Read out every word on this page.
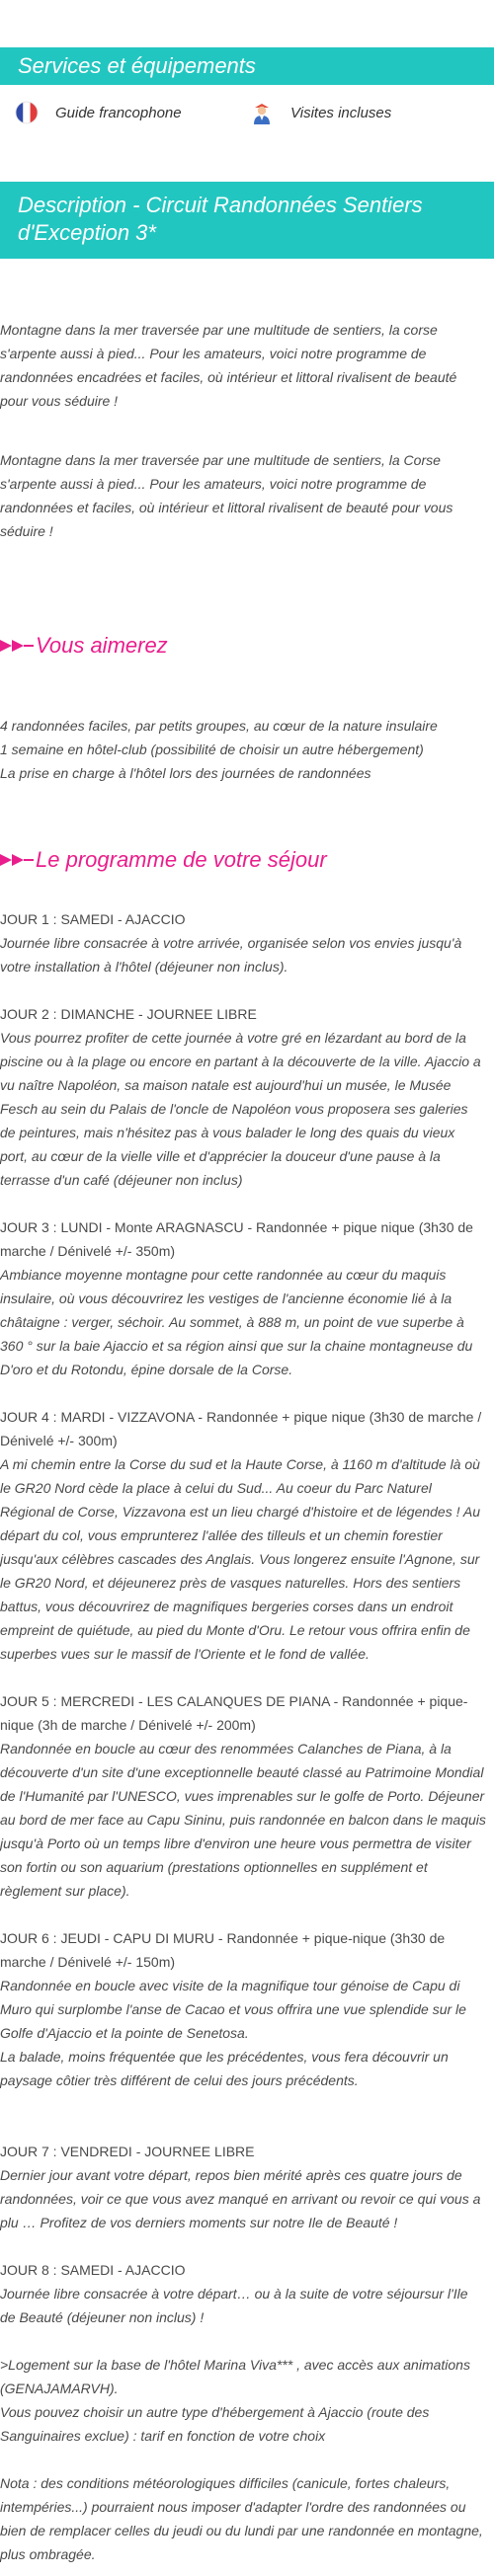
Services et équipements
Guide francophone	Visites incluses
Description - Circuit Randonnées Sentiers d'Exception 3*
Montagne dans la mer traversée par une multitude de sentiers, la corse s'arpente aussi à pied... Pour les amateurs, voici notre programme de randonnées encadrées et faciles, où intérieur et littoral rivalisent de beauté pour vous séduire !
Montagne dans la mer traversée par une multitude de sentiers, la Corse s'arpente aussi à pied... Pour les amateurs, voici notre programme de randonnées et faciles, où intérieur et littoral rivalisent de beauté pour vous séduire !
Vous aimerez
4 randonnées faciles, par petits groupes, au cœur de la nature insulaire
1 semaine en hôtel-club (possibilité de choisir un autre hébergement)
La prise en charge à l'hôtel lors des journées de randonnées
Le programme de votre séjour
JOUR 1 : SAMEDI - AJACCIO
Journée libre consacrée à votre arrivée, organisée selon vos envies jusqu'à votre installation à l'hôtel (déjeuner non inclus).
JOUR 2 : DIMANCHE - JOURNEE LIBRE
Vous pourrez profiter de cette journée à votre gré en lézardant au bord de la piscine ou à la plage ou encore en partant à la découverte de la ville. Ajaccio a vu naître Napoléon, sa maison natale est aujourd'hui un musée, le Musée Fesch au sein du Palais de l'oncle de Napoléon vous proposera ses galeries de peintures, mais n'hésitez pas à vous balader le long des quais du vieux port, au cœur de la vielle ville et d'apprécier la douceur d'une pause à la terrasse d'un café (déjeuner non inclus)
JOUR 3 : LUNDI - Monte ARAGNASCU - Randonnée + pique nique (3h30 de marche / Dénivelé +/- 350m)
Ambiance moyenne montagne pour cette randonnée au cœur du maquis insulaire, où vous découvrirez les vestiges de l'ancienne économie lié à la châtaigne : verger, séchoir. Au sommet, à 888 m, un point de vue superbe à 360 ° sur la baie Ajaccio et sa région ainsi que sur la chaine montagneuse du D'oro et du Rotondu, épine dorsale de la Corse.
JOUR 4 : MARDI - VIZZAVONA - Randonnée + pique nique (3h30 de marche / Dénivelé +/- 300m)
A mi chemin entre la Corse du sud et la Haute Corse, à 1160 m d'altitude là où le GR20 Nord cède la place à celui du Sud... Au coeur du Parc Naturel Régional de Corse, Vizzavona est un lieu chargé d'histoire et de légendes ! Au départ du col, vous emprunterez l'allée des tilleuls et un chemin forestier jusqu'aux célèbres cascades des Anglais. Vous longerez ensuite l'Agnone, sur le GR20 Nord, et déjeunerez près de vasques naturelles. Hors des sentiers battus, vous découvrirez de magnifiques bergeries corses dans un endroit empreint de quiétude, au pied du Monte d'Oru. Le retour vous offrira enfin de superbes vues sur le massif de l'Oriente et le fond de vallée.
JOUR 5 : MERCREDI - LES CALANQUES DE PIANA - Randonnée + pique-nique (3h de marche / Dénivelé +/- 200m)
Randonnée en boucle au cœur des renommées Calanches de Piana, à la découverte d'un site d'une exceptionnelle beauté classé au Patrimoine Mondial de l'Humanité par l'UNESCO, vues imprenables sur le golfe de Porto. Déjeuner au bord de mer face au Capu Sininu, puis randonnée en balcon dans le maquis jusqu'à Porto où un temps libre d'environ une heure vous permettra de visiter son fortin ou son aquarium (prestations optionnelles en supplément et règlement sur place).
JOUR 6 : JEUDI - CAPU DI MURU - Randonnée + pique-nique (3h30 de marche / Dénivelé +/- 150m)
Randonnée en boucle avec visite de la magnifique tour génoise de Capu di Muro qui surplombe l'anse de Cacao et vous offrira une vue splendide sur le Golfe d'Ajaccio et la pointe de Senetosa.
La balade, moins fréquentée que les précédentes, vous fera découvrir un paysage côtier très différent de celui des jours précédents.
JOUR 7 : VENDREDI - JOURNEE LIBRE
Dernier jour avant votre départ, repos bien mérité après ces quatre jours de randonnées, voir ce que vous avez manqué en arrivant ou revoir ce qui vous a plu … Profitez de vos derniers moments sur notre Ile de Beauté !
JOUR 8 : SAMEDI - AJACCIO
Journée libre consacrée à votre départ… ou à la suite de votre séjoursur l'Ile de Beauté (déjeuner non inclus) !
>Logement sur la base de l'hôtel Marina Viva*** , avec accès aux animations (GENAJAMARVH).
Vous pouvez choisir un autre type d'hébergement à Ajaccio (route des Sanguinaires exclue) : tarif en fonction de votre choix
Nota : des conditions météorologiques difficiles (canicule, fortes chaleurs, intempéries...) pourraient nous imposer d'adapter l'ordre des randonnées ou bien de remplacer celles du jeudi ou du lundi par une randonnée en montagne, plus ombragée.
